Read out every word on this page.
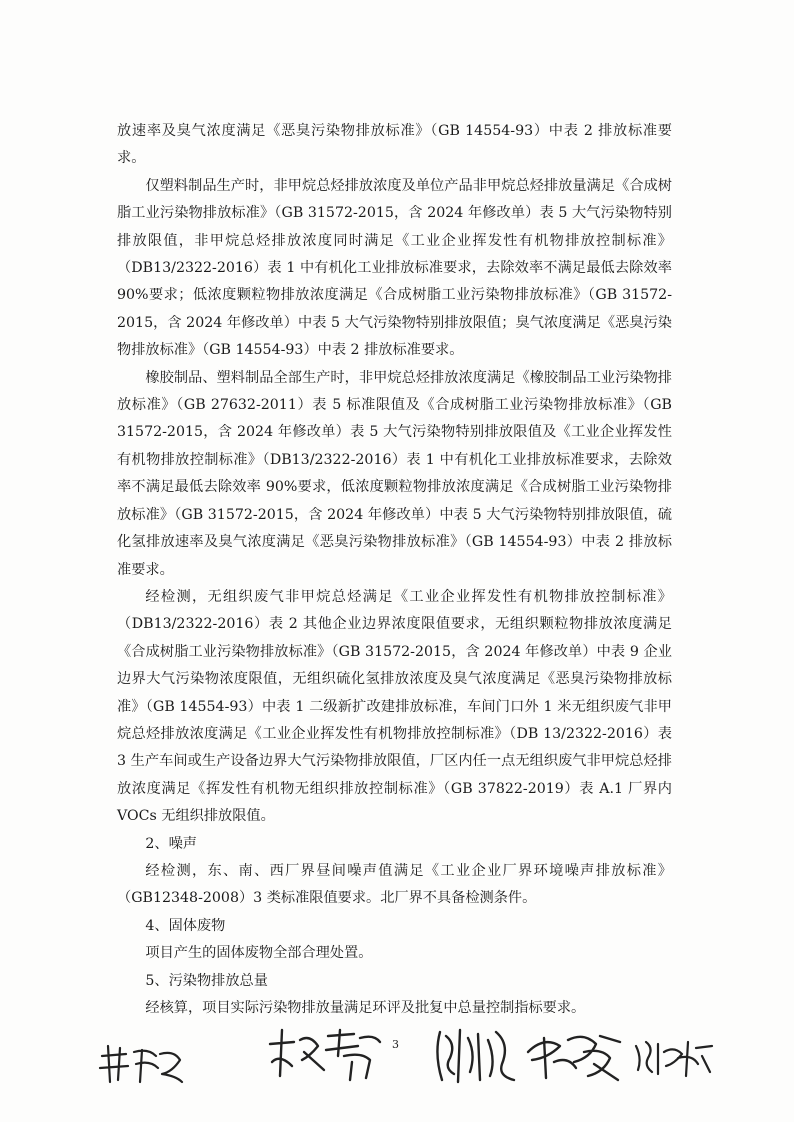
放速率及臭气浓度满足《恶臭污染物排放标准》（GB 14554-93）中表 2 排放标准要求。

仅塑料制品生产时，非甲烷总烃排放浓度及单位产品非甲烷总烃排放量满足《合成树脂工业污染物排放标准》（GB 31572-2015，含 2024 年修改单）表 5 大气污染物特别排放限值，非甲烷总烃排放浓度同时满足《工业企业挥发性有机物排放控制标准》（DB13/2322-2016）表 1 中有机化工业排放标准要求，去除效率不满足最低去除效率 90%要求；低浓度颗粒物排放浓度满足《合成树脂工业污染物排放标准》（GB 31572-2015，含 2024 年修改单）中表 5 大气污染物特别排放限值；臭气浓度满足《恶臭污染物排放标准》（GB 14554-93）中表 2 排放标准要求。

橡胶制品、塑料制品全部生产时，非甲烷总烃排放浓度满足《橡胶制品工业污染物排放标准》（GB 27632-2011）表 5 标准限值及《合成树脂工业污染物排放标准》（GB 31572-2015，含 2024 年修改单）表 5 大气污染物特别排放限值及《工业企业挥发性有机物排放控制标准》（DB13/2322-2016）表 1 中有机化工业排放标准要求，去除效率不满足最低去除效率 90%要求，低浓度颗粒物排放浓度满足《合成树脂工业污染物排放标准》（GB 31572-2015，含 2024 年修改单）中表 5 大气污染物特别排放限值，硫化氢排放速率及臭气浓度满足《恶臭污染物排放标准》（GB 14554-93）中表 2 排放标准要求。

经检测，无组织废气非甲烷总烃满足《工业企业挥发性有机物排放控制标准》（DB13/2322-2016）表 2 其他企业边界浓度限值要求，无组织颗粒物排放浓度满足《合成树脂工业污染物排放标准》（GB 31572-2015，含 2024 年修改单）中表 9 企业边界大气污染物浓度限值，无组织硫化氢排放浓度及臭气浓度满足《恶臭污染物排放标准》（GB 14554-93）中表 1 二级新扩改建排放标准，车间门口外 1 米无组织废气非甲烷总烃排放浓度满足《工业企业挥发性有机物排放控制标准》（DB 13/2322-2016）表 3 生产车间或生产设备边界大气污染物排放限值，厂区内任一点无组织废气非甲烷总烃排放浓度满足《挥发性有机物无组织排放控制标准》（GB 37822-2019）表 A.1 厂界内 VOCs 无组织排放限值。

2、噪声

经检测，东、南、西厂界昼间噪声值满足《工业企业厂界环境噪声排放标准》（GB12348-2008）3 类标准限值要求。北厂界不具备检测条件。

4、固体废物

项目产生的固体废物全部合理处置。

5、污染物排放总量

经核算，项目实际污染物排放量满足环评及批复中总量控制指标要求。

3
